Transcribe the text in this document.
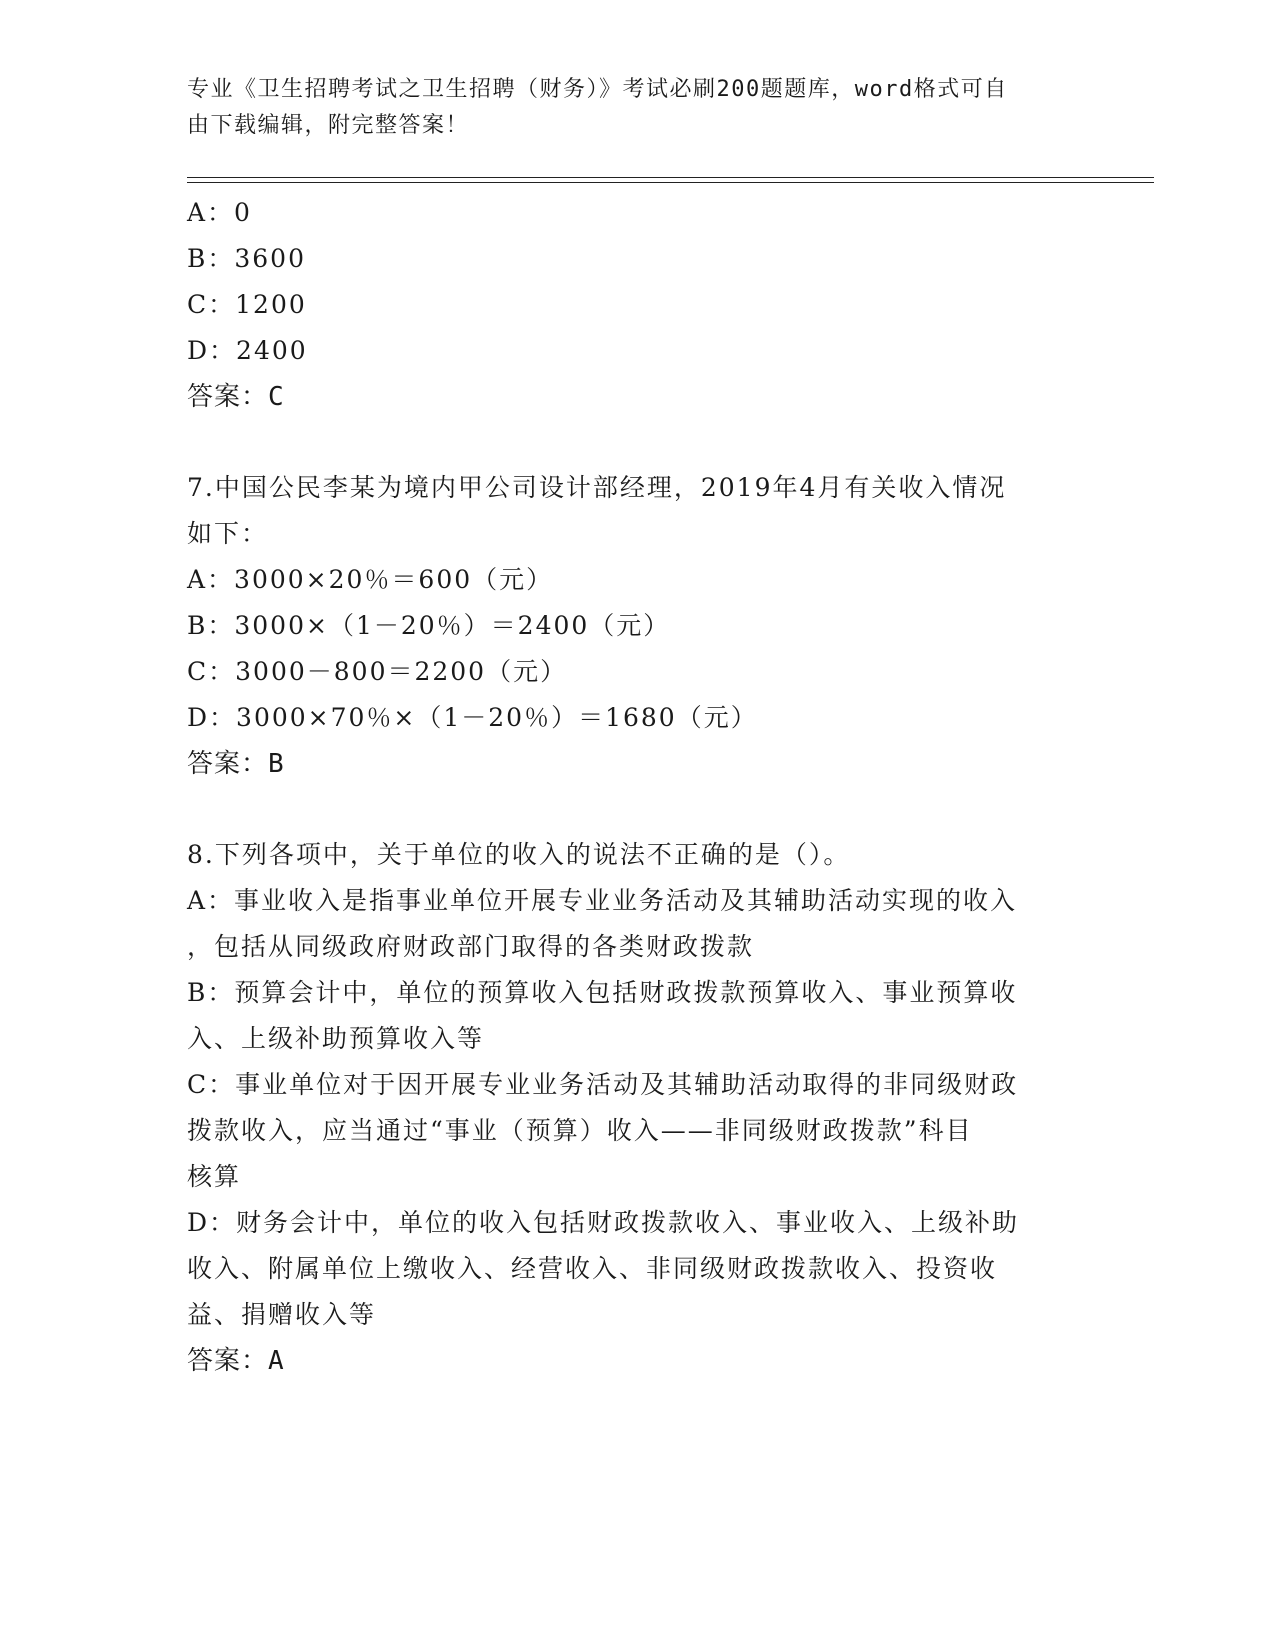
专业《卫生招聘考试之卫生招聘（财务）》考试必刷200题题库，word格式可自
由下载编辑，附完整答案！
A：0
B：3600
C：1200
D：2400
答案：C
7.中国公民李某为境内甲公司设计部经理，2019年4月有关收入情况
如下：
A：3000×20％＝600（元）
B：3000×（1－20％）＝2400（元）
C：3000－800＝2200（元）
D：3000×70％×（1－20％）＝1680（元）
答案：B
8.下列各项中，关于单位的收入的说法不正确的是（）。
A：事业收入是指事业单位开展专业业务活动及其辅助活动实现的收入
，包括从同级政府财政部门取得的各类财政拨款
B：预算会计中，单位的预算收入包括财政拨款预算收入、事业预算收
入、上级补助预算收入等
C：事业单位对于因开展专业业务活动及其辅助活动取得的非同级财政
拨款收入，应当通过“事业（预算）收入——非同级财政拨款”科目
核算
D：财务会计中，单位的收入包括财政拨款收入、事业收入、上级补助
收入、附属单位上缴收入、经营收入、非同级财政拨款收入、投资收
益、捐赠收入等
答案：A
